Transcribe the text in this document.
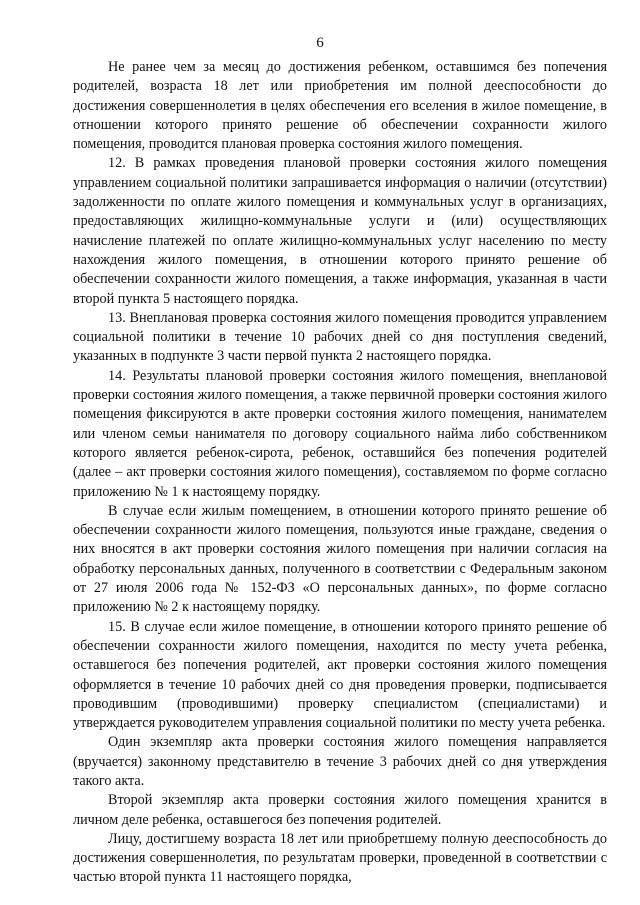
6

Не ранее чем за месяц до достижения ребенком, оставшимся без попечения родителей, возраста 18 лет или приобретения им полной дееспособности до достижения совершеннолетия в целях обеспечения его вселения в жилое помещение, в отношении которого принято решение об обеспечении сохранности жилого помещения, проводится плановая проверка состояния жилого помещения.

12. В рамках проведения плановой проверки состояния жилого помещения управлением социальной политики запрашивается информация о наличии (отсутствии) задолженности по оплате жилого помещения и коммунальных услуг в организациях, предоставляющих жилищно-коммунальные услуги и (или) осуществляющих начисление платежей по оплате жилищно-коммунальных услуг населению по месту нахождения жилого помещения, в отношении которого принято решение об обеспечении сохранности жилого помещения, а также информация, указанная в части второй пункта 5 настоящего порядка.

13. Внеплановая проверка состояния жилого помещения проводится управлением социальной политики в течение 10 рабочих дней со дня поступления сведений, указанных в подпункте 3 части первой пункта 2 настоящего порядка.

14. Результаты плановой проверки состояния жилого помещения, внеплановой проверки состояния жилого помещения, а также первичной проверки состояния жилого помещения фиксируются в акте проверки состояния жилого помещения, нанимателем или членом семьи нанимателя по договору социального найма либо собственником которого является ребенок-сирота, ребенок, оставшийся без попечения родителей (далее – акт проверки состояния жилого помещения), составляемом по форме согласно приложению № 1 к настоящему порядку.

В случае если жилым помещением, в отношении которого принято решение об обеспечении сохранности жилого помещения, пользуются иные граждане, сведения о них вносятся в акт проверки состояния жилого помещения при наличии согласия на обработку персональных данных, полученного в соответствии с Федеральным законом от 27 июля 2006 года № 152-ФЗ «О персональных данных», по форме согласно приложению № 2 к настоящему порядку.

15. В случае если жилое помещение, в отношении которого принято решение об обеспечении сохранности жилого помещения, находится по месту учета ребенка, оставшегося без попечения родителей, акт проверки состояния жилого помещения оформляется в течение 10 рабочих дней со дня проведения проверки, подписывается проводившим (проводившими) проверку специалистом (специалистами) и утверждается руководителем управления социальной политики по месту учета ребенка.

Один экземпляр акта проверки состояния жилого помещения направляется (вручается) законному представителю в течение 3 рабочих дней со дня утверждения такого акта.

Второй экземпляр акта проверки состояния жилого помещения хранится в личном деле ребенка, оставшегося без попечения родителей.

Лицу, достигшему возраста 18 лет или приобретшему полную дееспособность до достижения совершеннолетия, по результатам проверки, проведенной в соответствии с частью второй пункта 11 настоящего порядка,
